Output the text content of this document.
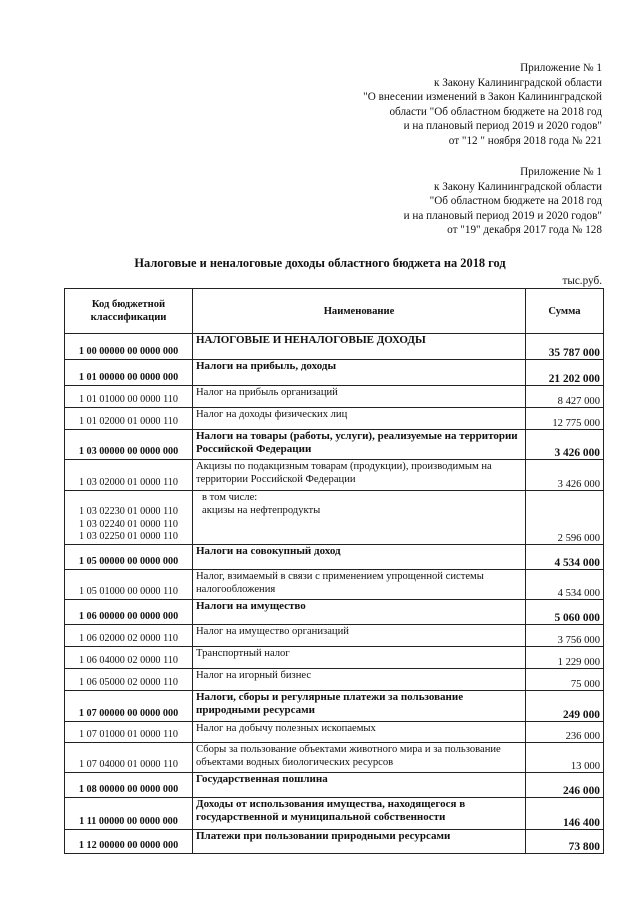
Приложение № 1
к Закону Калининградской области
"О внесении изменений в Закон Калининградской
области "Об областном бюджете на 2018 год
и на плановый период 2019 и 2020 годов"
от "12 " ноября 2018 года № 221
Приложение № 1
к Закону Калининградской области
"Об областном бюджете на 2018 год
и на плановый период 2019 и 2020 годов"
от "19" декабря 2017 года № 128
Налоговые и неналоговые доходы областного бюджета на 2018 год
тыс.руб.
Код бюджетной
классификации	Наименование	Сумма
1 00 00000 00 0000 000	НАЛОГОВЫЕ И НЕНАЛОГОВЫЕ ДОХОДЫ	35 787 000
1 01 00000 00 0000 000	Налоги на прибыль, доходы	21 202 000
1 01 01000 00 0000 110	Налог на прибыль организаций	8 427 000
1 01 02000 01 0000 110	Налог на доходы физических лиц	12 775 000
1 03 00000 00 0000 000	Налоги на товары (работы, услуги), реализуемые на территории Российской Федерации	3 426 000
1 03 02000 01 0000 110	Акцизы по подакцизным товарам (продукции), производимым на территории Российской Федерации	3 426 000
1 03 02230 01 0000 110
1 03 02240 01 0000 110
1 03 02250 01 0000 110	в том числе:
акцизы на нефтепродукты	2 596 000
1 05 00000 00 0000 000	Налоги на совокупный доход	4 534 000
1 05 01000 00 0000 110	Налог, взимаемый в связи с применением упрощенной системы налогообложения	4 534 000
1 06 00000 00 0000 000	Налоги на имущество	5 060 000
1 06 02000 02 0000 110	Налог на имущество организаций	3 756 000
1 06 04000 02 0000 110	Транспортный налог	1 229 000
1 06 05000 02 0000 110	Налог на игорный бизнес	75 000
1 07 00000 00 0000 000	Налоги, сборы и регулярные платежи за пользование природными ресурсами	249 000
1 07 01000 01 0000 110	Налог на добычу полезных ископаемых	236 000
1 07 04000 01 0000 110	Сборы за пользование объектами животного мира и за пользование объектами водных биологических ресурсов	13 000
1 08 00000 00 0000 000	Государственная пошлина	246 000
1 11 00000 00 0000 000	Доходы от использования имущества, находящегося в государственной и муниципальной собственности	146 400
1 12 00000 00 0000 000	Платежи при пользовании природными ресурсами	73 800
